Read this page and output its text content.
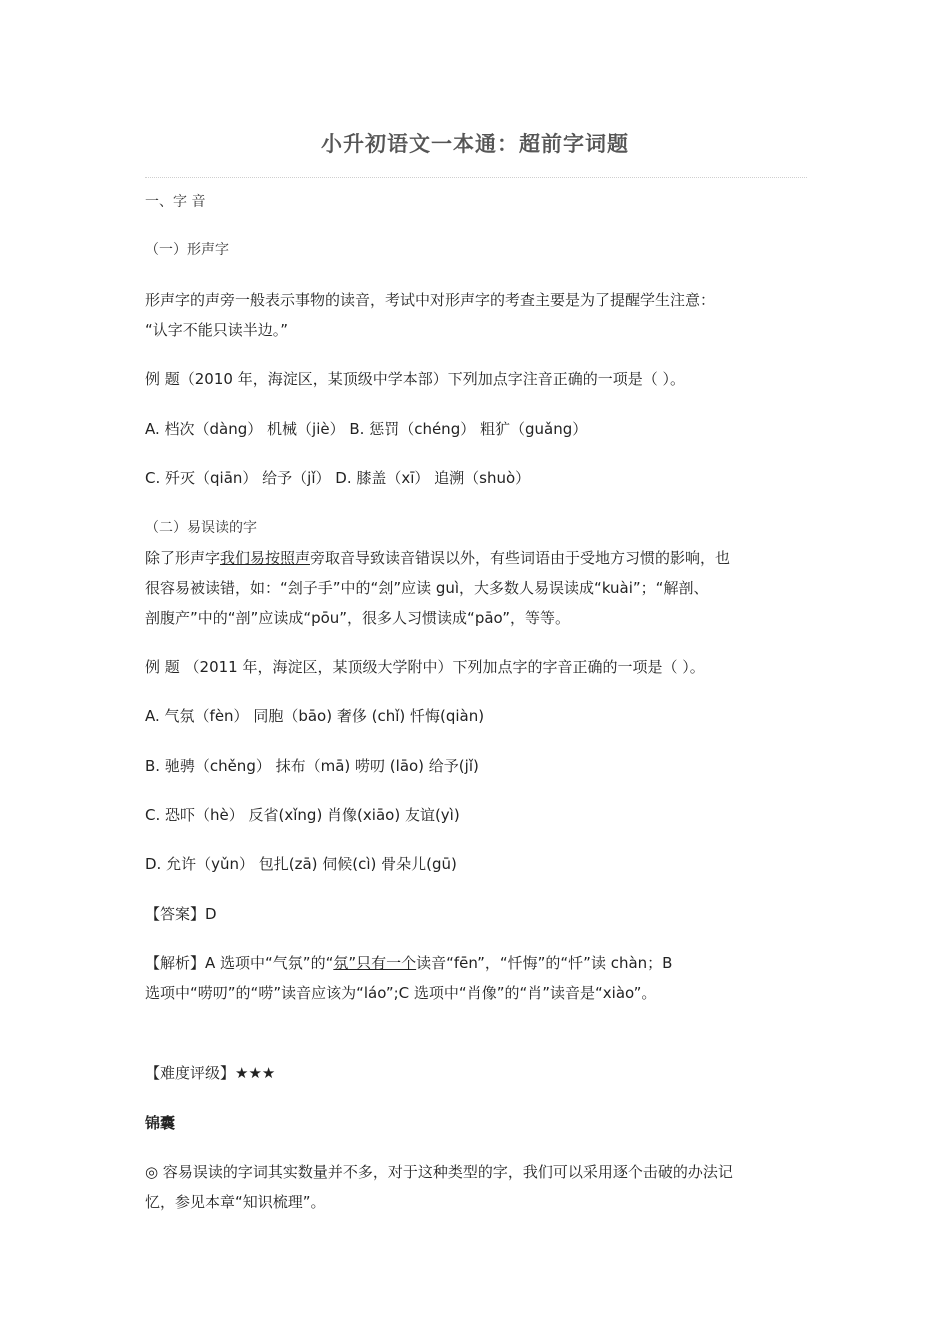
小升初语文一本通：超前字词题
一、字 音
（一）形声字
形声字的声旁一般表示事物的读音，考试中对形声字的考查主要是为了提醒学生注意：
“认字不能只读半边。”
例 题（2010 年，海淀区，某顶级中学本部）下列加点字注音正确的一项是（ ）。
A. 档次（dàng） 机械（jiè） B. 惩罚（chéng） 粗犷（guǎng）
C. 歼灭（qiān） 给予（jǐ） D. 膝盖（xī） 追溯（shuò）
（二）易误读的字
除了形声字我们易按照声旁取音导致读音错误以外，有些词语由于受地方习惯的影响，也
很容易被读错，如：“刽子手”中的“刽”应读 guì，大多数人易误读成“kuài”；“解剖、
剖腹产”中的“剖”应读成“pōu”，很多人习惯读成“pāo”，等等。
例 题 （2011 年，海淀区，某顶级大学附中）下列加点字的字音正确的一项是（ ）。
A. 气氛（fèn） 同胞（bāo) 奢侈 (chǐ) 忏悔(qiàn)
B. 驰骋（chěng） 抹布（mā) 唠叨 (lāo) 给予(jǐ)
C. 恐吓（hè） 反省(xǐng) 肖像(xiāo) 友谊(yì)
D. 允许（yǔn） 包扎(zā) 伺候(cì) 骨朵儿(gū)
【答案】D
【解析】A 选项中“气氛”的“氛”只有一个读音“fēn”，“忏悔”的“忏”读 chàn；B
选项中“唠叨”的“唠”读音应该为“láo”;C 选项中“肖像”的“肖”读音是“xiào”。
【难度评级】★★★
锦囊
◎ 容易误读的字词其实数量并不多，对于这种类型的字，我们可以采用逐个击破的办法记
忆，参见本章“知识梳理”。
